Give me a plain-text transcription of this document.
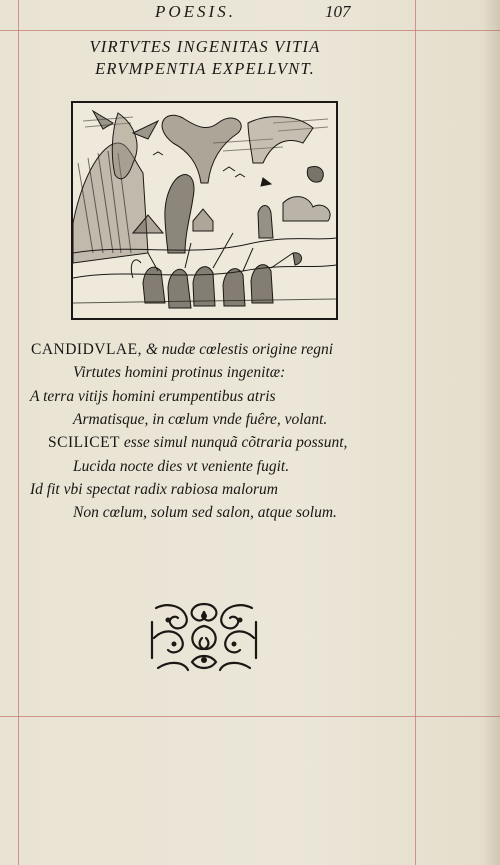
POESIS.	107
VIRTVTES INGENITAS VITIA
ERVMPENTIA EXPELLVNT.
CANDIDVLAE, & nudæ cœlestis origine regni
Virtutes homini protinus ingenitæ:
A terra vitijs homini erumpentibus atris
Armatisque, in cœlum vnde fuêre, volant.
SCILICET esse simul nunquã cõtraria possunt,
Lucida nocte dies vt veniente fugit.
Id fit vbi spectat radix rabiosa malorum
Non cœlum, solum sed salon, atque solum.
